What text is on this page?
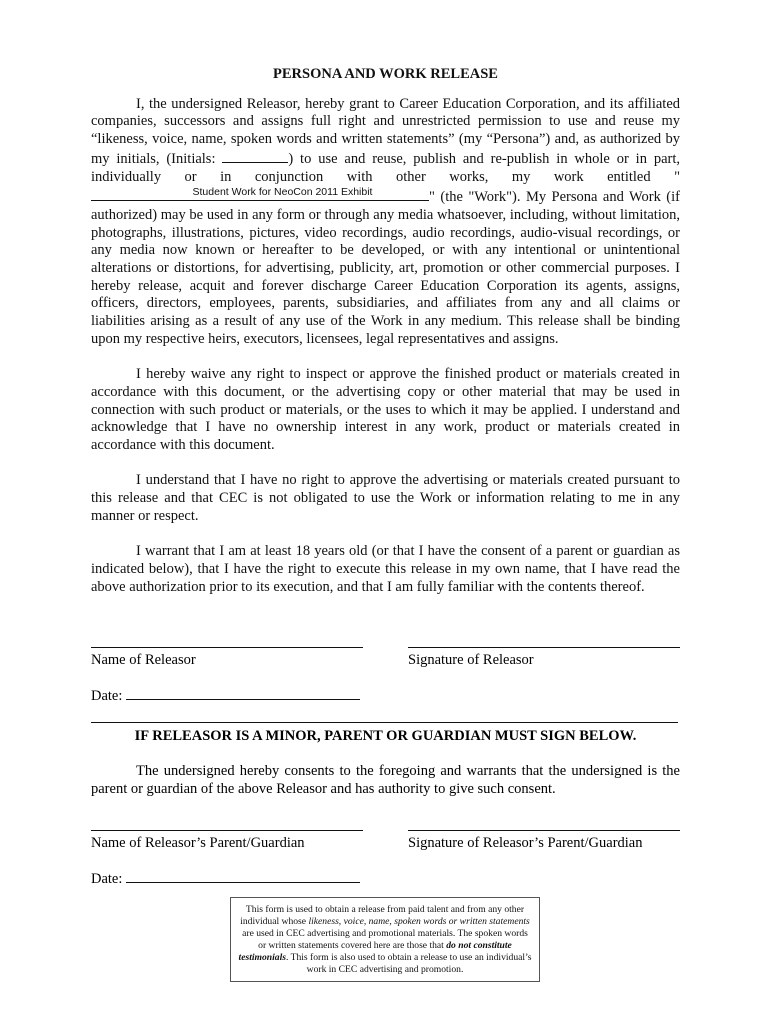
PERSONA AND WORK RELEASE

I, the undersigned Releasor, hereby grant to Career Education Corporation, and its affiliated companies, successors and assigns full right and unrestricted permission to use and reuse my “likeness, voice, name, spoken words and written statements” (my “Persona”) and, as authorized by my initials, (Initials:	) to use and reuse, publish and re-publish in whole or in part, individually or in conjunction with other works, my work entitled "
Student Work for NeoCon 2011 Exhibit	" (the "Work"). My Persona and Work (if authorized) may be used in any form or through any media whatsoever, including, without limitation, photographs, illustrations, pictures, video recordings, audio recordings, audio-visual recordings, or any media now known or hereafter to be developed, or with any intentional or unintentional alterations or distortions, for advertising, publicity, art, promotion or other commercial purposes. I hereby release, acquit and forever discharge Career Education Corporation its agents, assigns, officers, directors, employees, parents, subsidiaries, and affiliates from any and all claims or liabilities arising as a result of any use of the Work in any medium. This release shall be binding upon my respective heirs, executors, licensees, legal representatives and assigns.

I hereby waive any right to inspect or approve the finished product or materials created in accordance with this document, or the advertising copy or other material that may be used in connection with such product or materials, or the uses to which it may be applied. I understand and acknowledge that I have no ownership interest in any work, product or materials created in accordance with this document.

I understand that I have no right to approve the advertising or materials created pursuant to this release and that CEC is not obligated to use the Work or information relating to me in any manner or respect.

I warrant that I am at least 18 years old (or that I have the consent of a parent or guardian as indicated below), that I have the right to execute this release in my own name, that I have read the above authorization prior to its execution, and that I am fully familiar with the contents thereof.

Name of Releasor	Signature of Releasor
Date:
IF RELEASOR IS A MINOR, PARENT OR GUARDIAN MUST SIGN BELOW.

The undersigned hereby consents to the foregoing and warrants that the undersigned is the parent or guardian of the above Releasor and has authority to give such consent.

Name of Releasor’s Parent/Guardian	Signature of Releasor’s Parent/Guardian
Date:
This form is used to obtain a release from paid talent and from any other individual whose likeness, voice, name, spoken words or written statements are used in CEC advertising and promotional materials. The spoken words or written statements covered here are those that do not constitute testimonials. This form is also used to obtain a release to use an individual’s work in CEC advertising and promotion.
